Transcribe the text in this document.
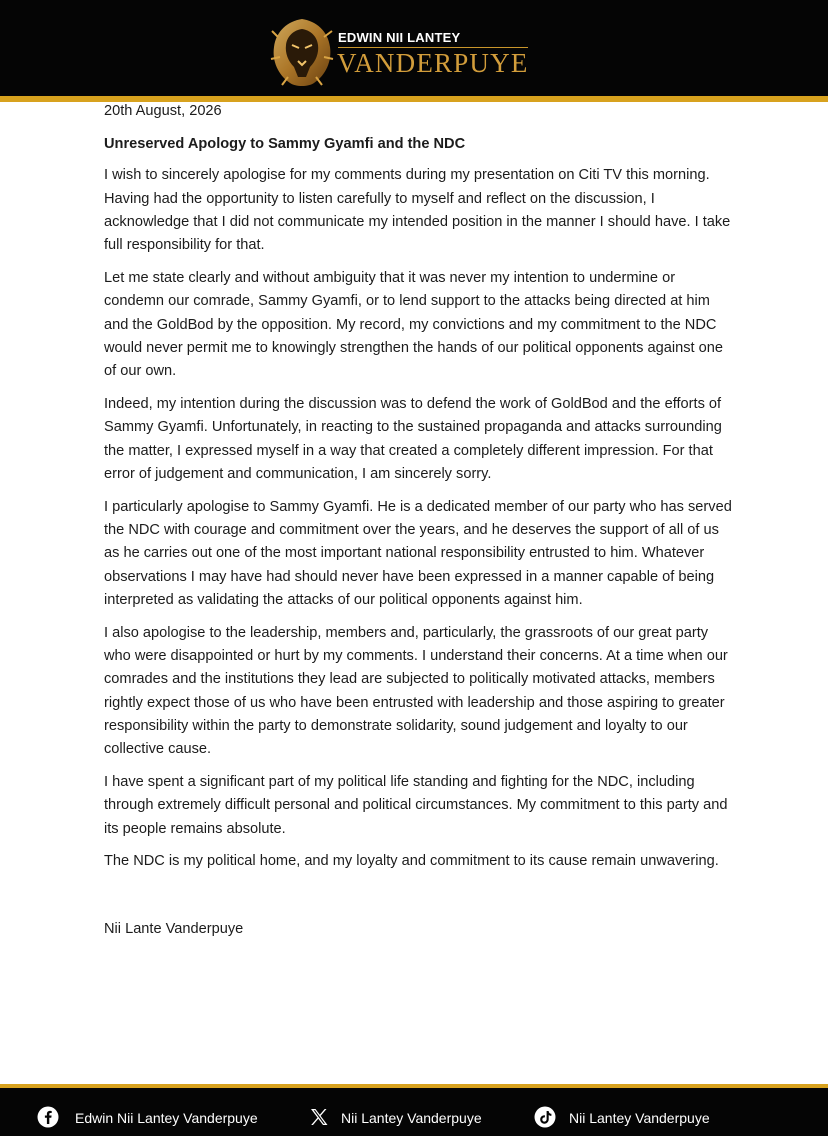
EDWIN NII LANTEY
VANDERPUYE

20th August, 2026

Unreserved Apology to Sammy Gyamfi and the NDC

I wish to sincerely apologise for my comments during my presentation on Citi TV this morning. Having had the opportunity to listen carefully to myself and reflect on the discussion, I acknowledge that I did not communicate my intended position in the manner I should have. I take full responsibility for that.

Let me state clearly and without ambiguity that it was never my intention to undermine or condemn our comrade, Sammy Gyamfi, or to lend support to the attacks being directed at him and the GoldBod by the opposition. My record, my convictions and my commitment to the NDC would never permit me to knowingly strengthen the hands of our political opponents against one of our own.

Indeed, my intention during the discussion was to defend the work of GoldBod and the efforts of Sammy Gyamfi. Unfortunately, in reacting to the sustained propaganda and attacks surrounding the matter, I expressed myself in a way that created a completely different impression. For that error of judgement and communication, I am sincerely sorry.

I particularly apologise to Sammy Gyamfi. He is a dedicated member of our party who has served the NDC with courage and commitment over the years, and he deserves the support of all of us as he carries out one of the most important national responsibility entrusted to him. Whatever observations I may have had should never have been expressed in a manner capable of being interpreted as validating the attacks of our political opponents against him.

I also apologise to the leadership, members and, particularly, the grassroots of our great party who were disappointed or hurt by my comments. I understand their concerns. At a time when our comrades and the institutions they lead are subjected to politically motivated attacks, members rightly expect those of us who have been entrusted with leadership and those aspiring to greater responsibility within the party to demonstrate solidarity, sound judgement and loyalty to our collective cause.

I have spent a significant part of my political life standing and fighting for the NDC, including through extremely difficult personal and political circumstances. My commitment to this party and its people remains absolute.

The NDC is my political home, and my loyalty and commitment to its cause remain unwavering.

Nii Lante Vanderpuye

Edwin Nii Lantey Vanderpuye	Nii Lantey Vanderpuye	Nii Lantey Vanderpuye
